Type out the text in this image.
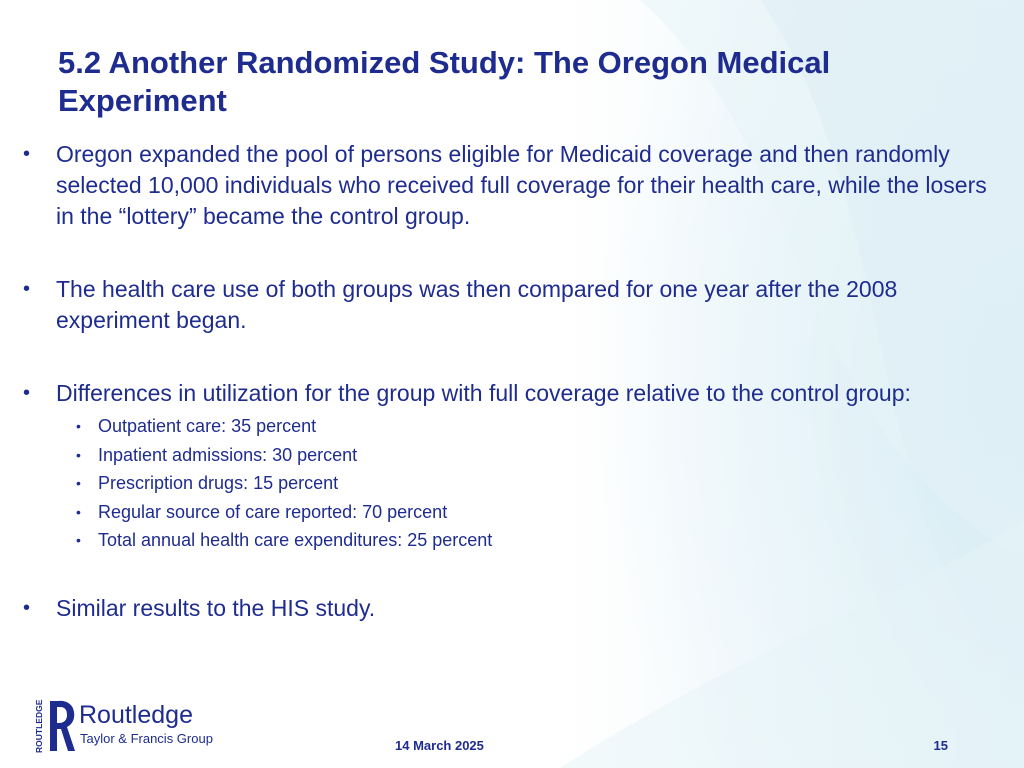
5.2 Another Randomized Study: The Oregon Medical Experiment
• Oregon expanded the pool of persons eligible for Medicaid coverage and then randomly selected 10,000 individuals who received full coverage for their health care, while the losers in the “lottery” became the control group.
• The health care use of both groups was then compared for one year after the 2008 experiment began.
• Differences in utilization for the group with full coverage relative to the control group:
• Outpatient care: 35 percent
• Inpatient admissions: 30 percent
• Prescription drugs: 15 percent
• Regular source of care reported: 70 percent
• Total annual health care expenditures: 25 percent
• Similar results to the HIS study.
ROUTLEDGE Routledge
Taylor & Francis Group	14 March 2025	15
